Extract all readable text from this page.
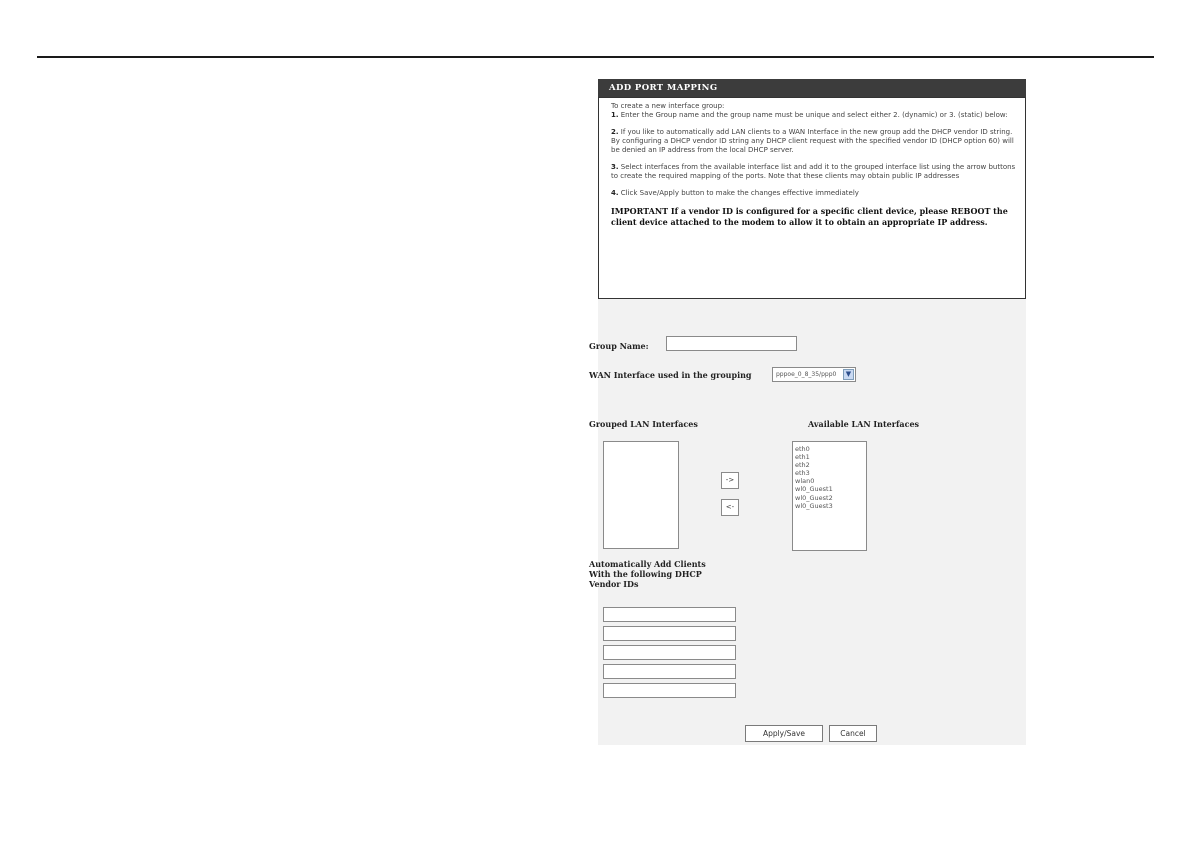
ADD PORT MAPPING

To create a new interface group:
1. Enter the Group name and the group name must be unique and select either 2. (dynamic) or 3. (static) below:

2. If you like to automatically add LAN clients to a WAN Interface in the new group add the DHCP vendor ID string. By configuring a DHCP vendor ID string any DHCP client request with the specified vendor ID (DHCP option 60) will be denied an IP address from the local DHCP server.

3. Select interfaces from the available interface list and add it to the grouped interface list using the arrow buttons to create the required mapping of the ports. Note that these clients may obtain public IP addresses

4. Click Save/Apply button to make the changes effective immediately

IMPORTANT If a vendor ID is configured for a specific client device, please REBOOT the client device attached to the modem to allow it to obtain an appropriate IP address.

Group Name:
WAN Interface used in the grouping	pppoe_0_8_35/ppp0	▼
Grouped LAN Interfaces	Available LAN Interfaces
->
<-
eth0
eth1
eth2
eth3
wlan0
wl0_Guest1
wl0_Guest2
wl0_Guest3
Automatically Add Clients With the following DHCP Vendor IDs
Apply/Save	Cancel
